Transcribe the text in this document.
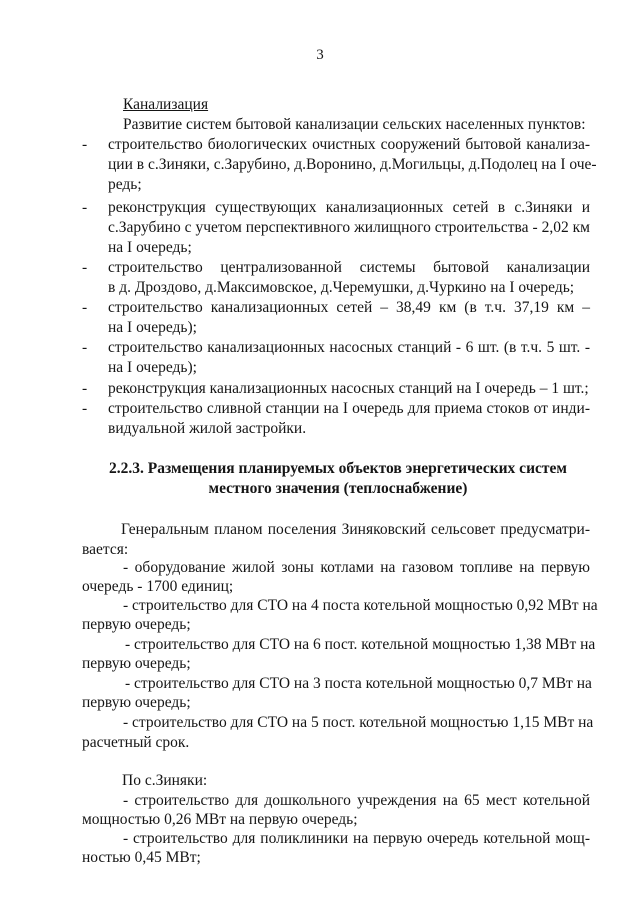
3
Канализация
Развитие систем бытовой канализации сельских населенных пунктов:
- строительство биологических очистных сооружений бытовой канализа-
ции в с.Зиняки, с.Зарубино, д.Воронино, д.Могильцы, д.Подолец на I оче-
редь;
- реконструкция существующих канализационных сетей в с.Зиняки и
с.Зарубино с учетом перспективного жилищного строительства - 2,02 км
на I очередь;
- строительство централизованной системы бытовой канализации
в д. Дроздово, д.Максимовское, д.Черемушки, д.Чуркино на I очередь;
- строительство канализационных сетей – 38,49 км (в т.ч. 37,19 км –
на I очередь);
- строительство канализационных насосных станций - 6 шт. (в т.ч. 5 шт. -
на I очередь);
- реконструкция канализационных насосных станций на I очередь – 1 шт.;
- строительство сливной станции на I очередь для приема стоков от инди-
видуальной жилой застройки.
2.2.3. Размещения планируемых объектов энергетических систем
местного значения (теплоснабжение)
Генеральным планом поселения Зиняковский сельсовет предусматри-
вается:
- оборудование жилой зоны котлами на газовом топливе на первую
очередь - 1700 единиц;
- строительство для СТО на 4 поста котельной мощностью 0,92 МВт на
первую очередь;
- строительство для СТО на 6 пост. котельной мощностью 1,38 МВт на
первую очередь;
- строительство для СТО на 3 поста котельной мощностью 0,7 МВт на
первую очередь;
- строительство для СТО на 5 пост. котельной мощностью 1,15 МВт на
расчетный срок.
По с.Зиняки:
- строительство для дошкольного учреждения на 65 мест котельной
мощностью 0,26 МВт на первую очередь;
- строительство для поликлиники на первую очередь котельной мощ-
ностью 0,45 МВт;
